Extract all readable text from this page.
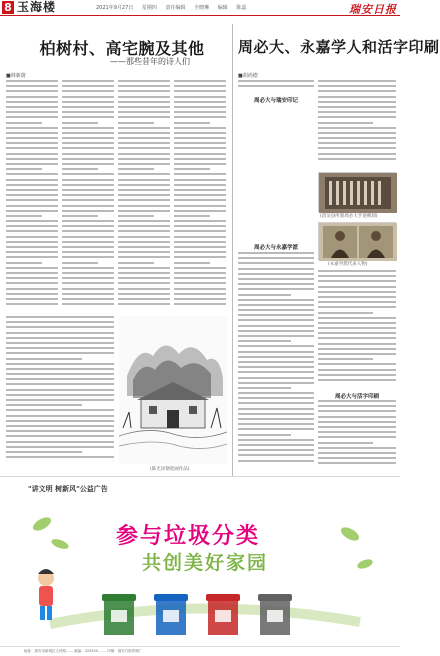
8 玉海楼	2021年9月27日 星期四 责任编辑 全晓琳 编辑 陈蕊	瑞安日报
柏树村、高宅腕及其他
——那些昔年的诗人们
■林新蔚
(陈光泽钢笔画作品)
周必大、永嘉学人和活字印刷
■胡尚德
周必大与瑞安印记
(清吴县所刻周必大手迹碑刻)
(永嘉学派代表人物)
周必大与永嘉学派
周必大与活字印刷
"讲文明 树新风"公益广告
参与垃圾分类
共创美好家园
地址：瑞安市新城区人民路…… 邮编：325200 …… 印刷：瑞安日报印刷厂
